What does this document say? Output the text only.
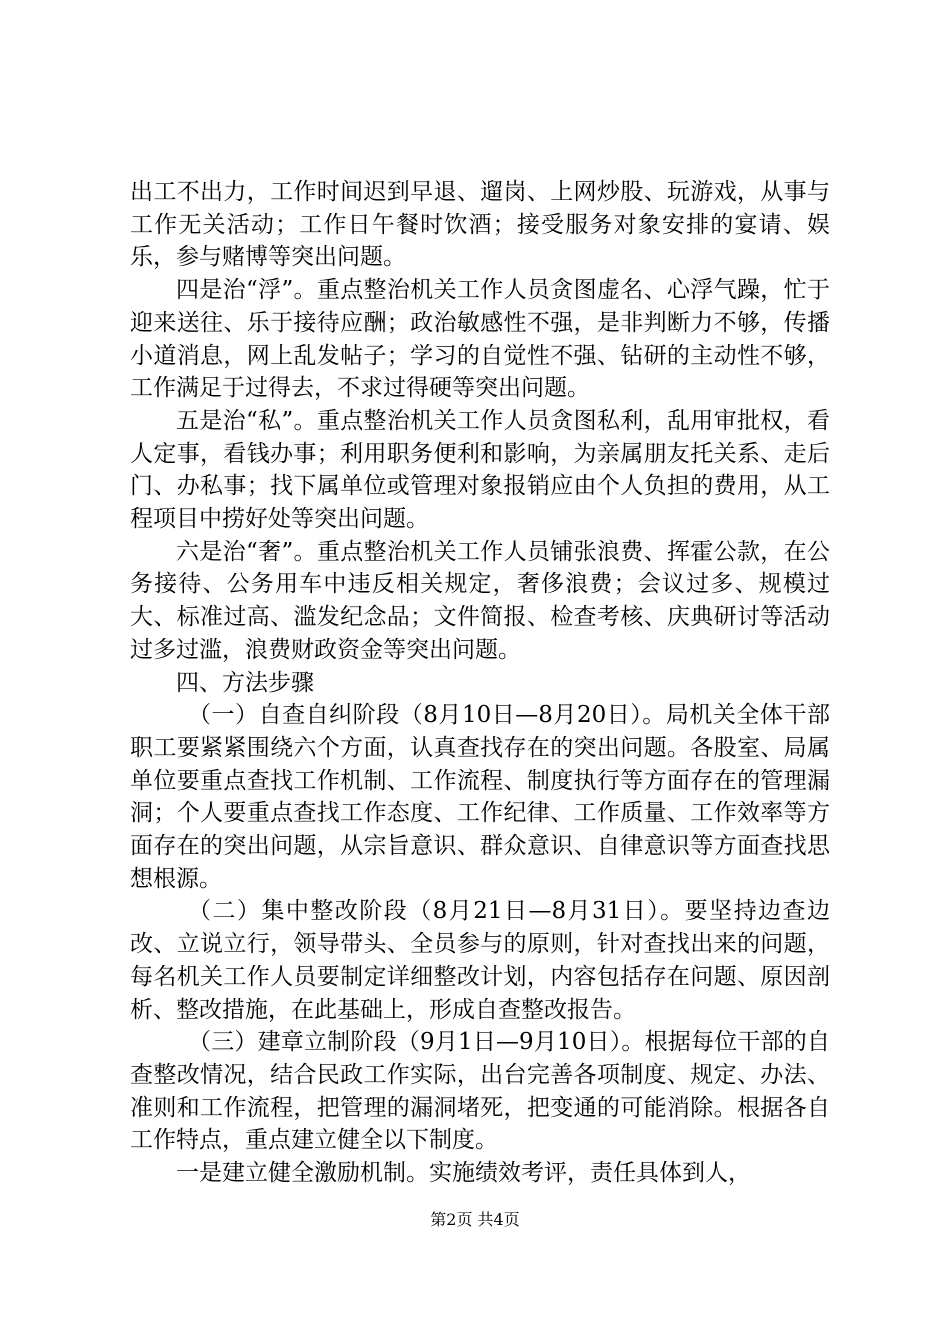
出工不出力，工作时间迟到早退、遛岗、上网炒股、玩游戏，从事与工作无关活动；工作日午餐时饮酒；接受服务对象安排的宴请、娱乐，参与赌博等突出问题。

四是治“浮”。重点整治机关工作人员贪图虚名、心浮气躁，忙于迎来送往、乐于接待应酬；政治敏感性不强，是非判断力不够，传播小道消息，网上乱发帖子；学习的自觉性不强、钻研的主动性不够，工作满足于过得去，不求过得硬等突出问题。

五是治“私”。重点整治机关工作人员贪图私利，乱用审批权，看人定事，看钱办事；利用职务便利和影响，为亲属朋友托关系、走后门、办私事；找下属单位或管理对象报销应由个人负担的费用，从工程项目中捞好处等突出问题。

六是治“奢”。重点整治机关工作人员铺张浪费、挥霍公款，在公务接待、公务用车中违反相关规定，奢侈浪费；会议过多、规模过大、标准过高、滥发纪念品；文件简报、检查考核、庆典研讨等活动过多过滥，浪费财政资金等突出问题。

四、方法步骤

（一）自查自纠阶段（8月10日—8月20日）。局机关全体干部职工要紧紧围绕六个方面，认真查找存在的突出问题。各股室、局属单位要重点查找工作机制、工作流程、制度执行等方面存在的管理漏洞；个人要重点查找工作态度、工作纪律、工作质量、工作效率等方面存在的突出问题，从宗旨意识、群众意识、自律意识等方面查找思想根源。

（二）集中整改阶段（8月21日—8月31日）。要坚持边查边改、立说立行，领导带头、全员参与的原则，针对查找出来的问题，每名机关工作人员要制定详细整改计划，内容包括存在问题、原因剖析、整改措施，在此基础上，形成自查整改报告。

（三）建章立制阶段（9月1日—9月10日）。根据每位干部的自查整改情况，结合民政工作实际，出台完善各项制度、规定、办法、准则和工作流程，把管理的漏洞堵死，把变通的可能消除。根据各自工作特点，重点建立健全以下制度。

一是建立健全激励机制。实施绩效考评，责任具体到人，

第2页 共4页
